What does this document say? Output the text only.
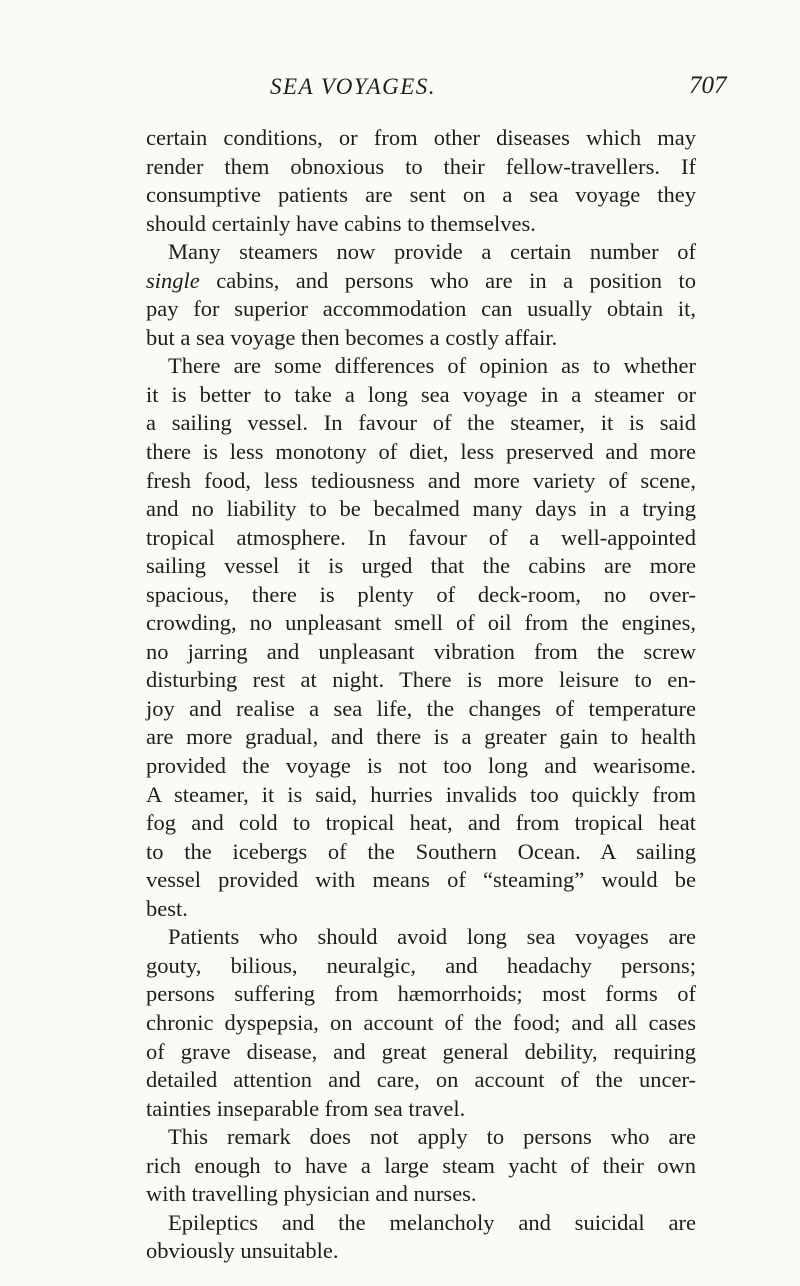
SEA VOYAGES.	707
certain conditions, or from other diseases which may
render them obnoxious to their fellow-travellers. If
consumptive patients are sent on a sea voyage they
should certainly have cabins to themselves.
Many steamers now provide a certain number of
single cabins, and persons who are in a position to
pay for superior accommodation can usually obtain it,
but a sea voyage then becomes a costly affair.
There are some differences of opinion as to whether
it is better to take a long sea voyage in a steamer or
a sailing vessel. In favour of the steamer, it is said
there is less monotony of diet, less preserved and more
fresh food, less tediousness and more variety of scene,
and no liability to be becalmed many days in a trying
tropical atmosphere. In favour of a well-appointed
sailing vessel it is urged that the cabins are more
spacious, there is plenty of deck-room, no over-
crowding, no unpleasant smell of oil from the engines,
no jarring and unpleasant vibration from the screw
disturbing rest at night. There is more leisure to en-
joy and realise a sea life, the changes of temperature
are more gradual, and there is a greater gain to health
provided the voyage is not too long and wearisome.
A steamer, it is said, hurries invalids too quickly from
fog and cold to tropical heat, and from tropical heat
to the icebergs of the Southern Ocean. A sailing
vessel provided with means of “steaming” would be
best.
Patients who should avoid long sea voyages are
gouty, bilious, neuralgic, and headachy persons;
persons suffering from hæmorrhoids; most forms of
chronic dyspepsia, on account of the food; and all cases
of grave disease, and great general debility, requiring
detailed attention and care, on account of the uncer-
tainties inseparable from sea travel.
This remark does not apply to persons who are
rich enough to have a large steam yacht of their own
with travelling physician and nurses.
Epileptics and the melancholy and suicidal are
obviously unsuitable.
